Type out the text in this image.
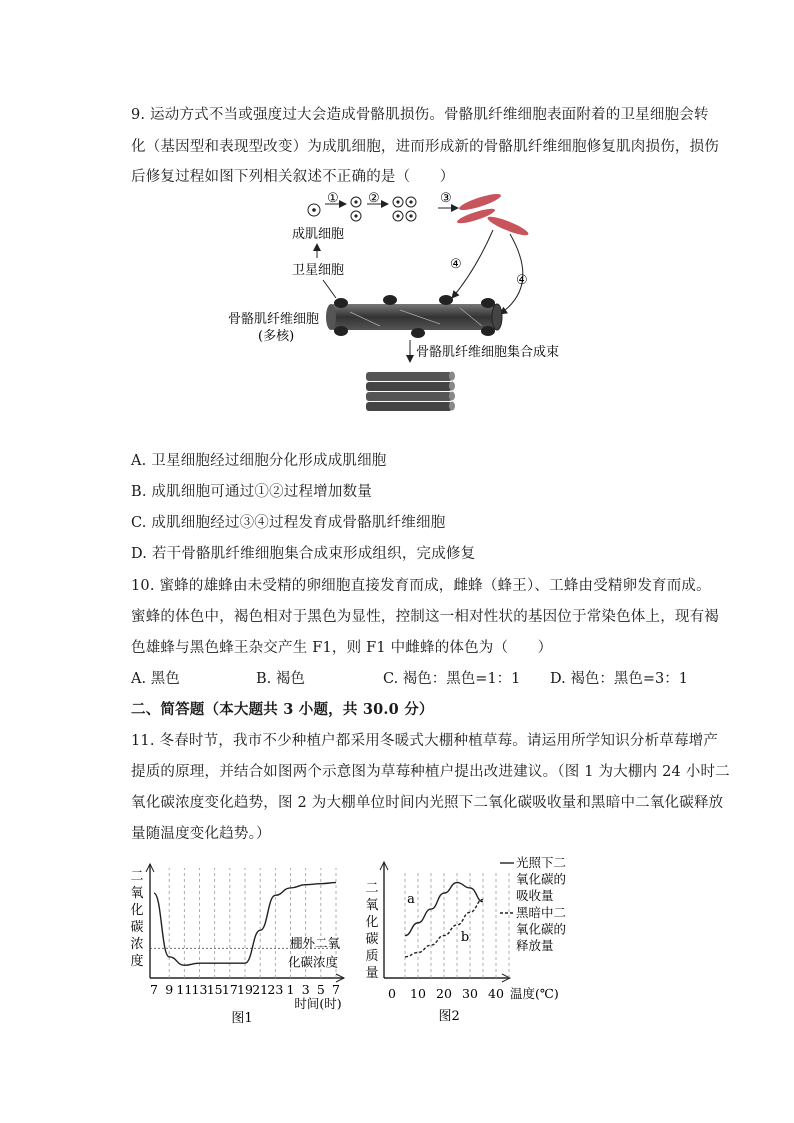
9. 运动方式不当或强度过大会造成骨骼肌损伤。骨骼肌纤维细胞表面附着的卫星细胞会转
化（基因型和表现型改变）为成肌细胞，进而形成新的骨骼肌纤维细胞修复肌肉损伤，损伤
后修复过程如图下列相关叙述不正确的是（　　）
① ②	③
成肌细胞
卫星细胞
骨骼肌纤维细胞
(多核)
④
④
骨骼肌纤维细胞集合成束
A. 卫星细胞经过细胞分化形成成肌细胞
B. 成肌细胞可通过①②过程增加数量
C. 成肌细胞经过③④过程发育成骨骼肌纤维细胞
D. 若干骨骼肌纤维细胞集合成束形成组织，完成修复
10. 蜜蜂的雄蜂由未受精的卵细胞直接发育而成，雌蜂（蜂王）、工蜂由受精卵发育而成。
蜜蜂的体色中，褐色相对于黑色为显性，控制这一相对性状的基因位于常染色体上，现有褐
色雄蜂与黑色蜂王杂交产生 F1，则 F1 中雌蜂的体色为（　　）
A. 黑色	B. 褐色	C. 褐色：黑色=1：1 D. 褐色：黑色=3：1
二、简答题（本大题共 3 小题，共 30.0 分）
11. 冬春时节，我市不少种植户都采用冬暖式大棚种植草莓。请运用所学知识分析草莓增产
提质的原理，并结合如图两个示意图为草莓种植户提出改进建议。（图 1 为大棚内 24 小时二
氧化碳浓度变化趋势，图 2 为大棚单位时间内光照下二氧化碳吸收量和黑暗中二氧化碳释放
量随温度变化趋势。）
7 9 11 13 15 17 19 21 23 1 3 5 7
棚外二氧
化碳浓度
二
氧
化
碳
浓
度
时间(时)
图1
0 10 20 30 40 温度(℃)
二
氧
化
碳
质
量
a
b
光照下二
氧化碳的
吸收量
黑暗中二
氧化碳的
释放量
图2
